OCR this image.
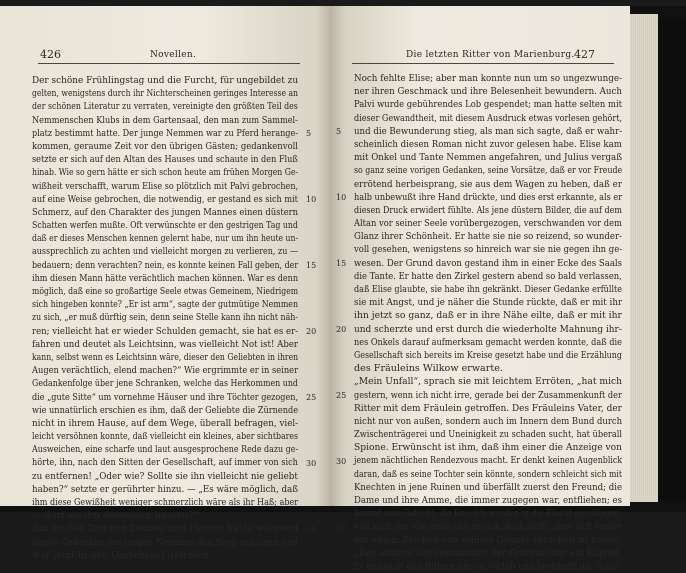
426	Novellen.
Der schöne Frühlingstag und die Furcht, für ungebildet zu
gelten, wenigstens durch ihr Nichterscheinen geringes Interesse an
der schönen Literatur zu verraten, vereinigte den größten Teil des
Nemmenschen Klubs in dem Gartensaal, den man zum Sammel-
platz bestimmt hatte. Der junge Nemmen war zu Pferd herange-
kommen, geraume Zeit vor den übrigen Gästen; gedankenvoll
setzte er sich auf den Altan des Hauses und schaute in den Fluß
hinab. Wie so gern hätte er sich schon heute am frühen Morgen Ge-
wißheit verschafft, warum Elise so plötzlich mit Palvi gebrochen,
auf eine Weise gebrochen, die notwendig, er gestand es sich mit
Schmerz, auf den Charakter des jungen Mannes einen düstern
Schatten werfen mußte. Oft verwünschte er den gestrigen Tag und
daß er dieses Menschen kennen gelernt habe, nur um ihn heute un-
aussprechlich zu achten und vielleicht morgen zu verlieren, zu —
bedauern; denn verachten? nein, es konnte keinen Fall geben, der
ihm diesen Mann hätte verächtlich machen können. War es denn
möglich, daß eine so großartige Seele etwas Gemeinem, Niedrigem
sich hingeben konnte? „Er ist arm“, sagte der gutmütige Nemmen
zu sich, „er muß dürftig sein, denn seine Stelle kann ihn nicht näh-
ren; vielleicht hat er wieder Schulden gemacht, sie hat es er-
fahren und deutet als Leichtsinn, was vielleicht Not ist! Aber
kann, selbst wenn es Leichtsinn wäre, dieser den Geliebten in ihren
Augen verächtlich, elend machen?“ Wie ergrimmte er in seiner
Gedankenfolge über jene Schranken, welche das Herkommen und
die „gute Sitte“ um vornehme Häuser und ihre Töchter gezogen,
wie unnatürlich erschien es ihm, daß der Geliebte die Zürnende
nicht in ihrem Hause, auf dem Wege, überall befragen, viel-
leicht versöhnen konnte, daß vielleicht ein kleines, aber sichtbares
Ausweichen, eine scharfe und laut ausgesprochene Rede dazu ge-
hörte, ihn, nach den Sitten der Gesellschaft, auf immer von sich
zu entfernen! „Oder wie? Sollte sie ihn vielleicht nie geliebt
haben?“ setzte er gerührter hinzu. — „Es wäre möglich, daß
ihm diese Gewißheit weniger schmerzlich wäre als ihr Haß; aber
— darf sie ihn deswegen hassen?“
Ein großer Zug von Damen und Herren hatte während
dieser Gedanken des jungen Nemmen den Berg erstiegen und
war jetzt in den Gartensaal getreten.
5
10
15
20
25
30
35
Die letzten Ritter von Marienburg. 427
Noch fehlte Elise; aber man konnte nun um so ungezwunge-
ner ihren Geschmack und ihre Belesenheit bewundern. Auch
Palvi wurde gebührendes Lob gespendet; man hatte selten mit
dieser Gewandtheit, mit diesem Ausdruck etwas vorlesen gehört,
und die Bewunderung stieg, als man sich sagte, daß er wahr-
scheinlich diesen Roman nicht zuvor gelesen habe. Elise kam
mit Onkel und Tante Nemmen angefahren, und Julius vergaß
so ganz seine vorigen Gedanken, seine Vorsätze, daß er vor Freude
errötend herbeisprang, sie aus dem Wagen zu heben, daß er
halb unbewußt ihre Hand drückte, und dies erst erkannte, als er
diesen Druck erwidert fühlte. Als jene düstern Bilder, die auf dem
Altan vor seiner Seele vorübergezogen, verschwanden vor dem
Glanz ihrer Schönheit. Er hatte sie nie so reizend, so wunder-
voll gesehen, wenigstens so hinreich war sie nie gegen ihn ge-
wesen. Der Grund davon gestand ihm in einer Ecke des Saals
die Tante. Er hatte den Zirkel gestern abend so bald verlassen,
daß Elise glaubte, sie habe ihn gekränkt. Dieser Gedanke erfüllte
sie mit Angst, und je näher die Stunde rückte, daß er mit ihr
ihn jetzt so ganz, daß er in ihre Nähe eilte, daß er mit ihr
und scherzte und erst durch die wiederholte Mahnung ihr-
nes Onkels darauf aufmerksam gemacht werden konnte, daß die
Gesellschaft sich bereits im Kreise gesetzt habe und die Erzählung
des Fräuleins Wilkow erwarte.
„Mein Unfall“, sprach sie mit leichtem Erröten, „hat mich
gestern, wenn ich nicht irre, gerade bei der Zusammenkunft der
Ritter mit dem Fräulein getroffen. Des Fräuleins Vater, der
nicht nur von außen, sondern auch im Innern dem Bund durch
Zwischenträgerei und Uneinigkeit zu schaden sucht, hat überall
Spione. Erwünscht ist ihm, daß ihm einer die Anzeige von
jenem nächtlichen Rendezvous macht. Er denkt keinen Augenblick
daran, daß es seine Tochter sein könnte, sondern schleicht sich mit
Knechten in jene Ruinen und überfällt zuerst den Freund; die
Dame und ihre Amme, die immer zugegen war, entfliehen; es
kommt zum Gefecht, die Knechte werden in die Flucht geschlagen,
und auch der Alte zieht sich zurück, doch nicht, ohne sich vorher
mit einem Zeichen von seinem Gegner versehen zu haben.
„Den andern Tag versammelt der Großmeister ein Kapitel.
Er entdeckt den Rittern diesen Vorfall und bestimmt die Schul-
5
10
15
20
25
30
35
